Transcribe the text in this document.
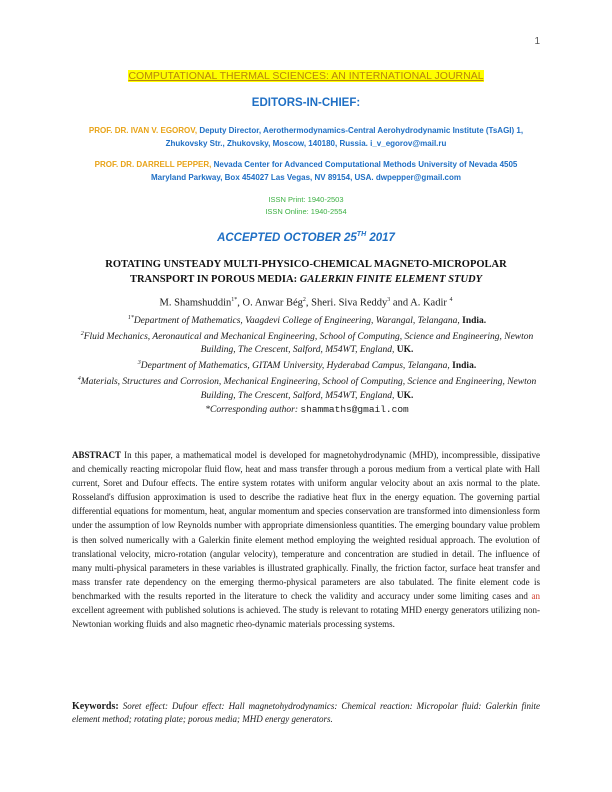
1
COMPUTATIONAL THERMAL SCIENCES: AN INTERNATIONAL JOURNAL
EDITORS-IN-CHIEF:
PROF. DR. IVAN V. EGOROV, Deputy Director, Aerothermodynamics-Central Aerohydrodynamic Institute (TsAGI) 1, Zhukovsky Str., Zhukovsky, Moscow, 140180, Russia. i_v_egorov@mail.ru
PROF. DR. DARRELL PEPPER, Nevada Center for Advanced Computational Methods University of Nevada 4505 Maryland Parkway, Box 454027 Las Vegas, NV 89154, USA. dwpepper@gmail.com
ISSN Print: 1940-2503
ISSN Online: 1940-2554
ACCEPTED OCTOBER 25TH 2017
ROTATING UNSTEADY MULTI-PHYSICO-CHEMICAL MAGNETO-MICROPOLAR
TRANSPORT IN POROUS MEDIA: GALERKIN FINITE ELEMENT STUDY
M. Shamshuddin$^{1*}$, O. Anwar Bég$^2$, Sheri. Siva Reddy$^3$ and A. Kadir $^4$
$^{1*}$Department of Mathematics, Vaagdevi College of Engineering, Warangal, Telangana, India.
$^2$Fluid Mechanics, Aeronautical and Mechanical Engineering, School of Computing, Science and Engineering, Newton Building, The Crescent, Salford, M54WT, England, UK.
$^3$Department of Mathematics, GITAM University, Hyderabad Campus, Telangana, India.
$^4$Materials, Structures and Corrosion, Mechanical Engineering, School of Computing, Science and Engineering, Newton Building, The Crescent, Salford, M54WT, England, UK.
*Corresponding author: shammaths@gmail.com
ABSTRACT In this paper, a mathematical model is developed for magnetohydrodynamic (MHD), incompressible, dissipative and chemically reacting micropolar fluid flow, heat and mass transfer through a porous medium from a vertical plate with Hall current, Soret and Dufour effects. The entire system rotates with uniform angular velocity about an axis normal to the plate. Rosseland's diffusion approximation is used to describe the radiative heat flux in the energy equation. The governing partial differential equations for momentum, heat, angular momentum and species conservation are transformed into dimensionless form under the assumption of low Reynolds number with appropriate dimensionless quantities. The emerging boundary value problem is then solved numerically with a Galerkin finite element method employing the weighted residual approach. The evolution of translational velocity, micro-rotation (angular velocity), temperature and concentration are studied in detail. The influence of many multi-physical parameters in these variables is illustrated graphically. Finally, the friction factor, surface heat transfer and mass transfer rate dependency on the emerging thermo-physical parameters are also tabulated. The finite element code is benchmarked with the results reported in the literature to check the validity and accuracy under some limiting cases and an excellent agreement with published solutions is achieved. The study is relevant to rotating MHD energy generators utilizing non-Newtonian working fluids and also magnetic rheo-dynamic materials processing systems.
Keywords: Soret effect: Dufour effect: Hall magnetohydrodynamics: Chemical reaction: Micropolar fluid: Galerkin finite element method; rotating plate; porous media; MHD energy generators.
